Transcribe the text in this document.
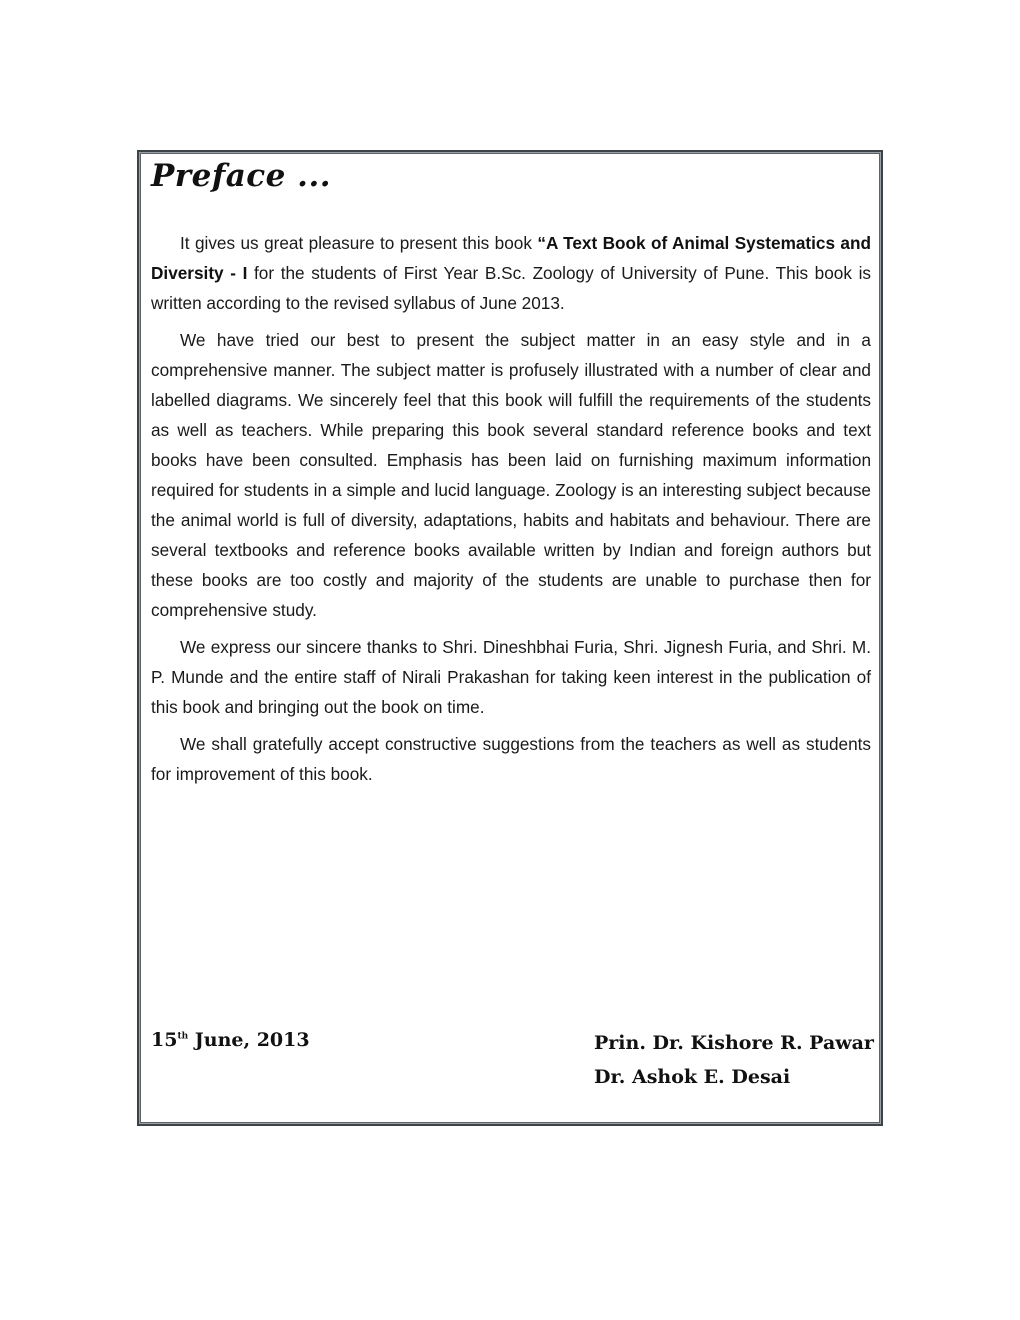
Preface ...

It gives us great pleasure to present this book “A Text Book of Animal Systematics and Diversity - I for the students of First Year B.Sc. Zoology of University of Pune. This book is written according to the revised syllabus of June 2013.

We have tried our best to present the subject matter in an easy style and in a comprehensive manner. The subject matter is profusely illustrated with a number of clear and labelled diagrams. We sincerely feel that this book will fulfill the requirements of the students as well as teachers. While preparing this book several standard reference books and text books have been consulted. Emphasis has been laid on furnishing maximum information required for students in a simple and lucid language. Zoology is an interesting subject because the animal world is full of diversity, adaptations, habits and habitats and behaviour. There are several textbooks and reference books available written by Indian and foreign authors but these books are too costly and majority of the students are unable to purchase then for comprehensive study.

We express our sincere thanks to Shri. Dineshbhai Furia, Shri. Jignesh Furia, and Shri. M. P. Munde and the entire staff of Nirali Prakashan for taking keen interest in the publication of this book and bringing out the book on time.

We shall gratefully accept constructive suggestions from the teachers as well as students for improvement of this book.

15th June, 2013	Prin. Dr. Kishore R. Pawar
Dr. Ashok E. Desai
